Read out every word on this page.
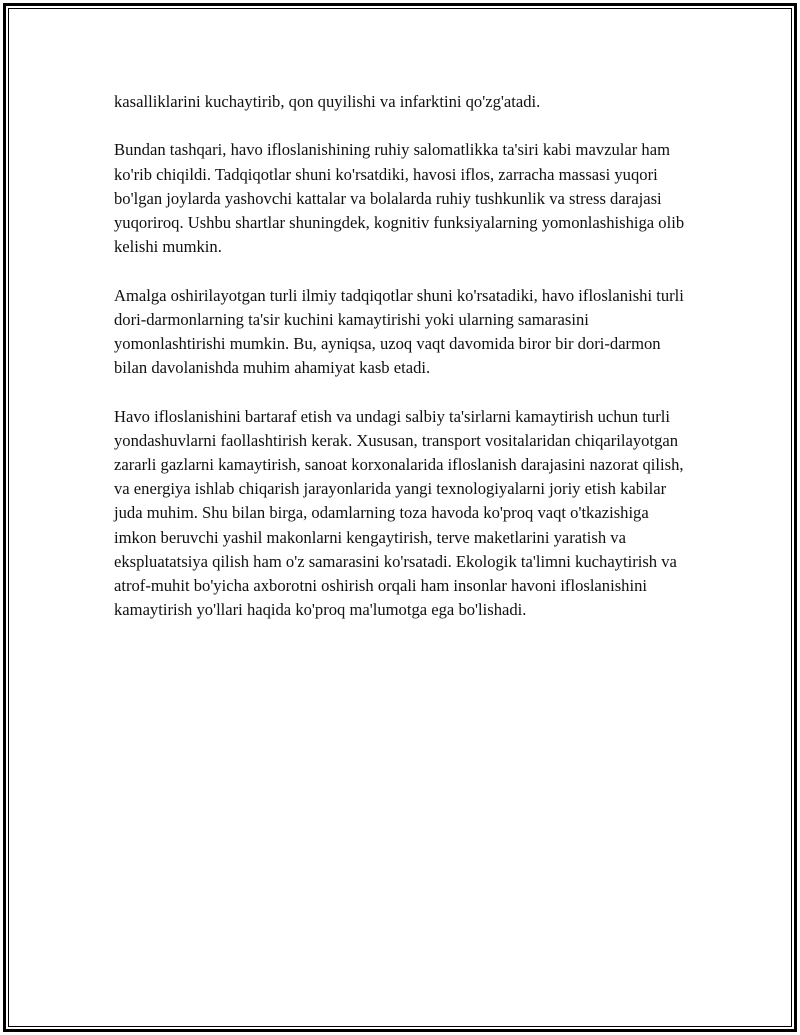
kasalliklarini kuchaytirib, qon quyilishi va infarktini qo'zg'atadi.

Bundan tashqari, havo ifloslanishining ruhiy salomatlikka ta'siri kabi mavzular ham ko'rib chiqildi. Tadqiqotlar shuni ko'rsatdiki, havosi iflos, zarracha massasi yuqori bo'lgan joylarda yashovchi kattalar va bolalarda ruhiy tushkunlik va stress darajasi yuqoriroq. Ushbu shartlar shuningdek, kognitiv funksiyalarning yomonlashishiga olib kelishi mumkin.

Amalga oshirilayotgan turli ilmiy tadqiqotlar shuni ko'rsatadiki, havo ifloslanishi turli dori-darmonlarning ta'sir kuchini kamaytirishi yoki ularning samarasini yomonlashtirishi mumkin. Bu, ayniqsa, uzoq vaqt davomida biror bir dori-darmon bilan davolanishda muhim ahamiyat kasb etadi.

Havo ifloslanishini bartaraf etish va undagi salbiy ta'sirlarni kamaytirish uchun turli yondashuvlarni faollashtirish kerak. Xususan, transport vositalaridan chiqarilayotgan zararli gazlarni kamaytirish, sanoat korxonalarida ifloslanish darajasini nazorat qilish, va energiya ishlab chiqarish jarayonlarida yangi texnologiyalarni joriy etish kabilar juda muhim. Shu bilan birga, odamlarning toza havoda ko'proq vaqt o'tkazishiga imkon beruvchi yashil makonlarni kengaytirish, terve maketlarini yaratish va ekspluatatsiya qilish ham o'z samarasini ko'rsatadi. Ekologik ta'limni kuchaytirish va atrof-muhit bo'yicha axborotni oshirish orqali ham insonlar havoni ifloslanishini kamaytirish yo'llari haqida ko'proq ma'lumotga ega bo'lishadi.
